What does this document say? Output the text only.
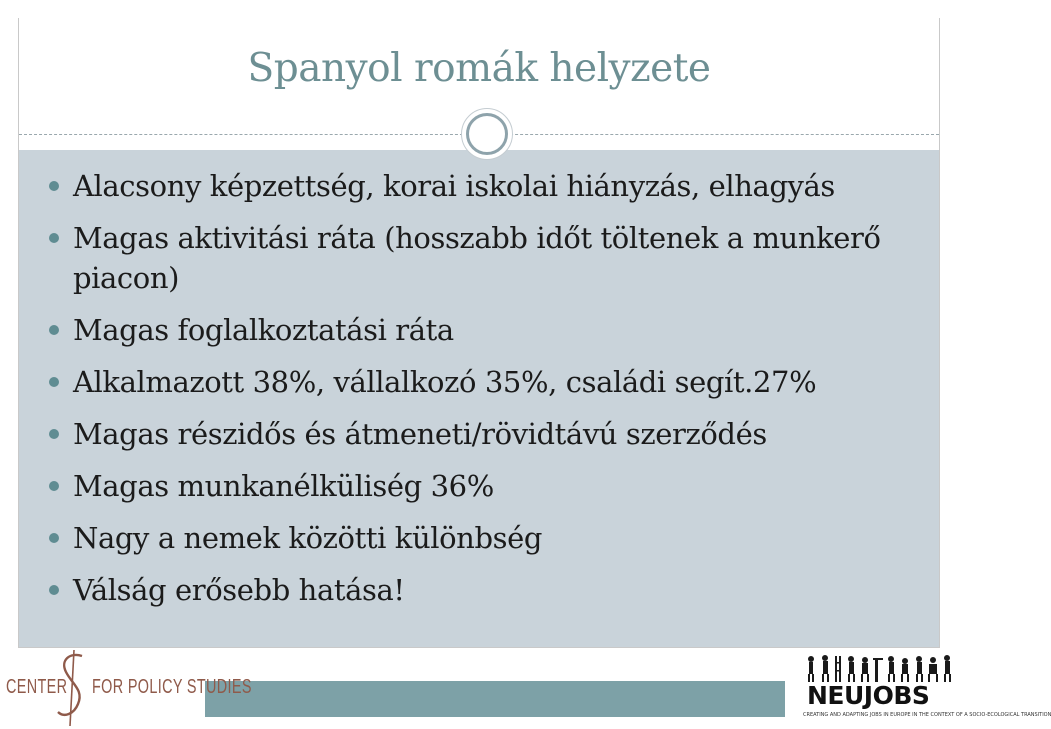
Spanyol romák helyzete
Alacsony képzettség, korai iskolai hiányzás, elhagyás
Magas aktivitási ráta (hosszabb időt töltenek a munkerő piacon)
Magas foglalkoztatási ráta
Alkalmazott 38%, vállalkozó 35%, családi segít.27%
Magas részidős és átmeneti/rövidtávú szerződés
Magas munkanélküliség 36%
Nagy a nemek közötti különbség
Válság erősebb hatása!
CENTER FOR POLICY STUDIES	NEUJOBS
CREATING AND ADAPTING JOBS IN EUROPE IN THE CONTEXT OF A SOCIO-ECOLOGICAL TRANSITION
